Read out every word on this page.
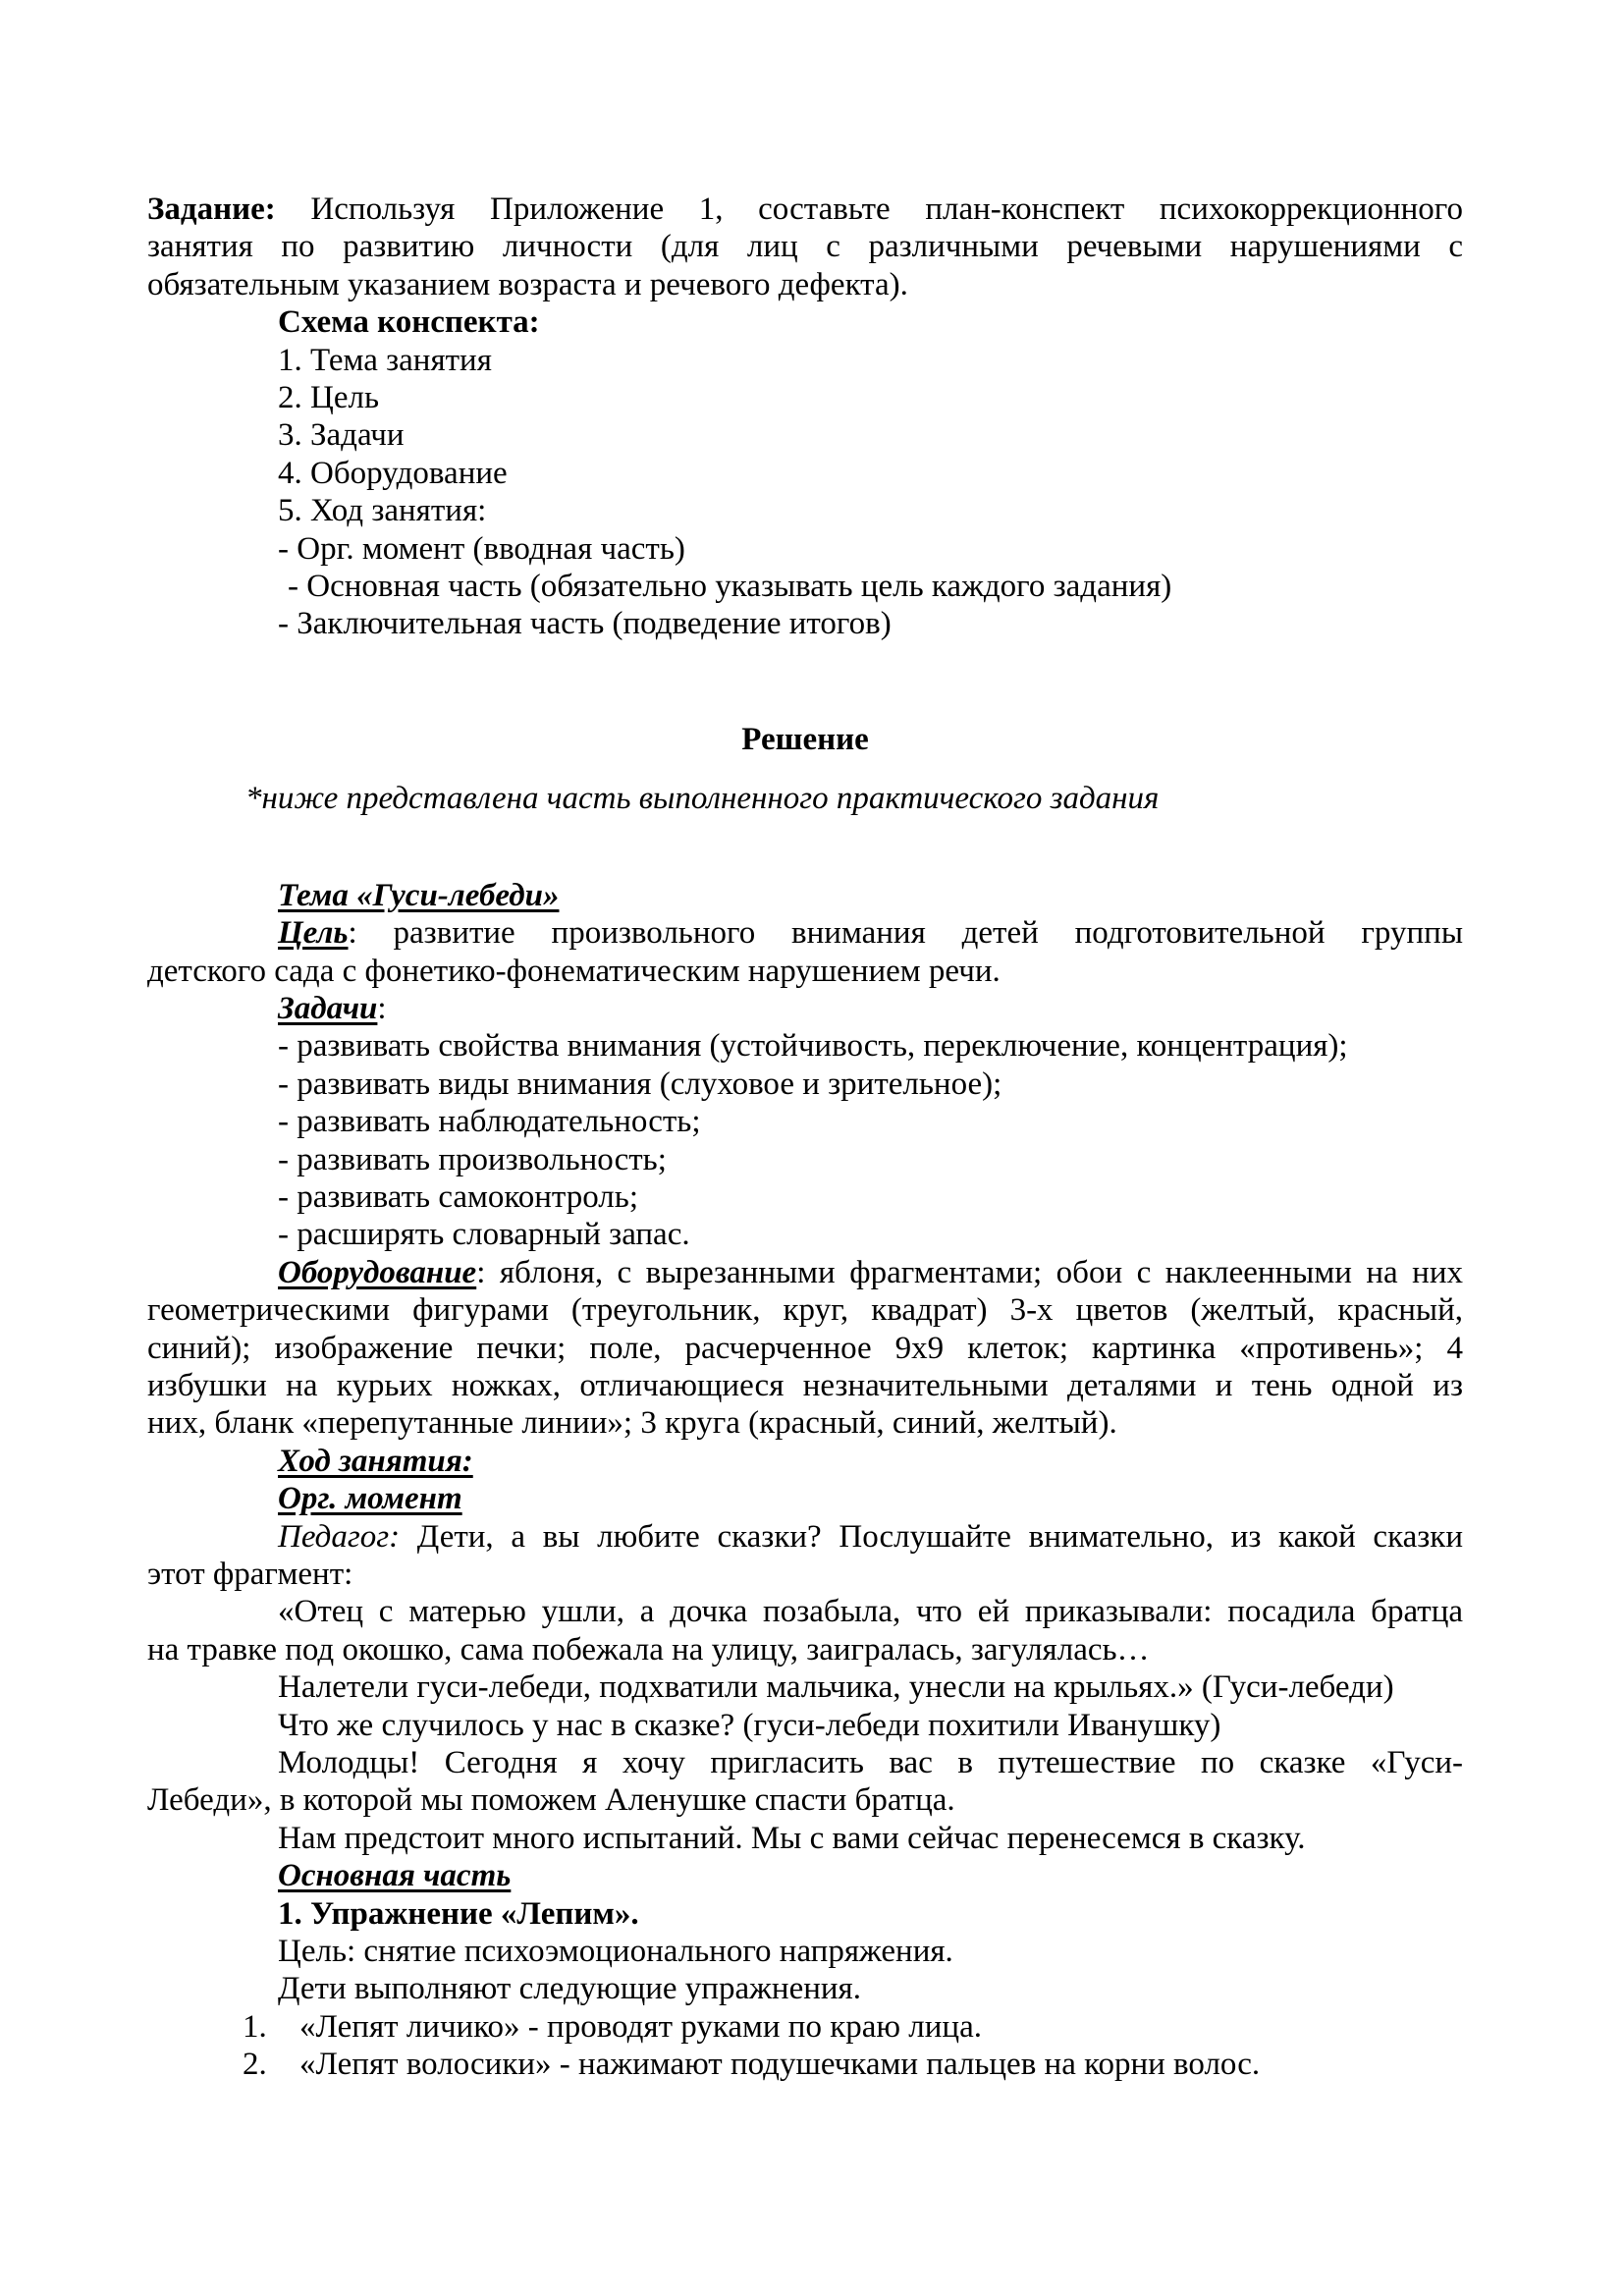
Задание: Используя Приложение 1, составьте план-конспект психокоррекционного
занятия по развитию личности (для лиц с различными речевыми нарушениями с
обязательным указанием возраста и речевого дефекта).
Схема конспекта:
1. Тема занятия
2. Цель
3. Задачи
4. Оборудование
5. Ход занятия:
- Орг. момент (вводная часть)
- Основная часть (обязательно указывать цель каждого задания)
- Заключительная часть (подведение итогов)
Решение
*ниже представлена часть выполненного практического задания
Тема «Гуси-лебеди»
Цель: развитие произвольного внимания детей подготовительной группы
детского сада с фонетико-фонематическим нарушением речи.
Задачи:
- развивать свойства внимания (устойчивость, переключение, концентрация);
- развивать виды внимания (слуховое и зрительное);
- развивать наблюдательность;
- развивать произвольность;
- развивать самоконтроль;
- расширять словарный запас.
Оборудование: яблоня, с вырезанными фрагментами; обои с наклеенными на них
геометрическими фигурами (треугольник, круг, квадрат) 3-х цветов (желтый, красный,
синий); изображение печки; поле, расчерченное 9х9 клеток; картинка «противень»; 4
избушки на курьих ножках, отличающиеся незначительными деталями и тень одной из
них, бланк «перепутанные линии»; 3 круга (красный, синий, желтый).
Ход занятия:
Орг. момент
Педагог: Дети, а вы любите сказки? Послушайте внимательно, из какой сказки
этот фрагмент:
«Отец с матерью ушли, а дочка позабыла, что ей приказывали: посадила братца
на травке под окошко, сама побежала на улицу, заигралась, загулялась…
Налетели гуси-лебеди, подхватили мальчика, унесли на крыльях.» (Гуси-лебеди)
Что же случилось у нас в сказке? (гуси-лебеди похитили Иванушку)
Молодцы! Сегодня я хочу пригласить вас в путешествие по сказке «Гуси-
Лебеди», в которой мы поможем Аленушке спасти братца.
Нам предстоит много испытаний. Мы с вами сейчас перенесемся в сказку.
Основная часть
1. Упражнение «Лепим».
Цель: снятие психоэмоционального напряжения.
Дети выполняют следующие упражнения.
1. «Лепят личико» - проводят руками по краю лица.
2. «Лепят волосики» - нажимают подушечками пальцев на корни волос.
